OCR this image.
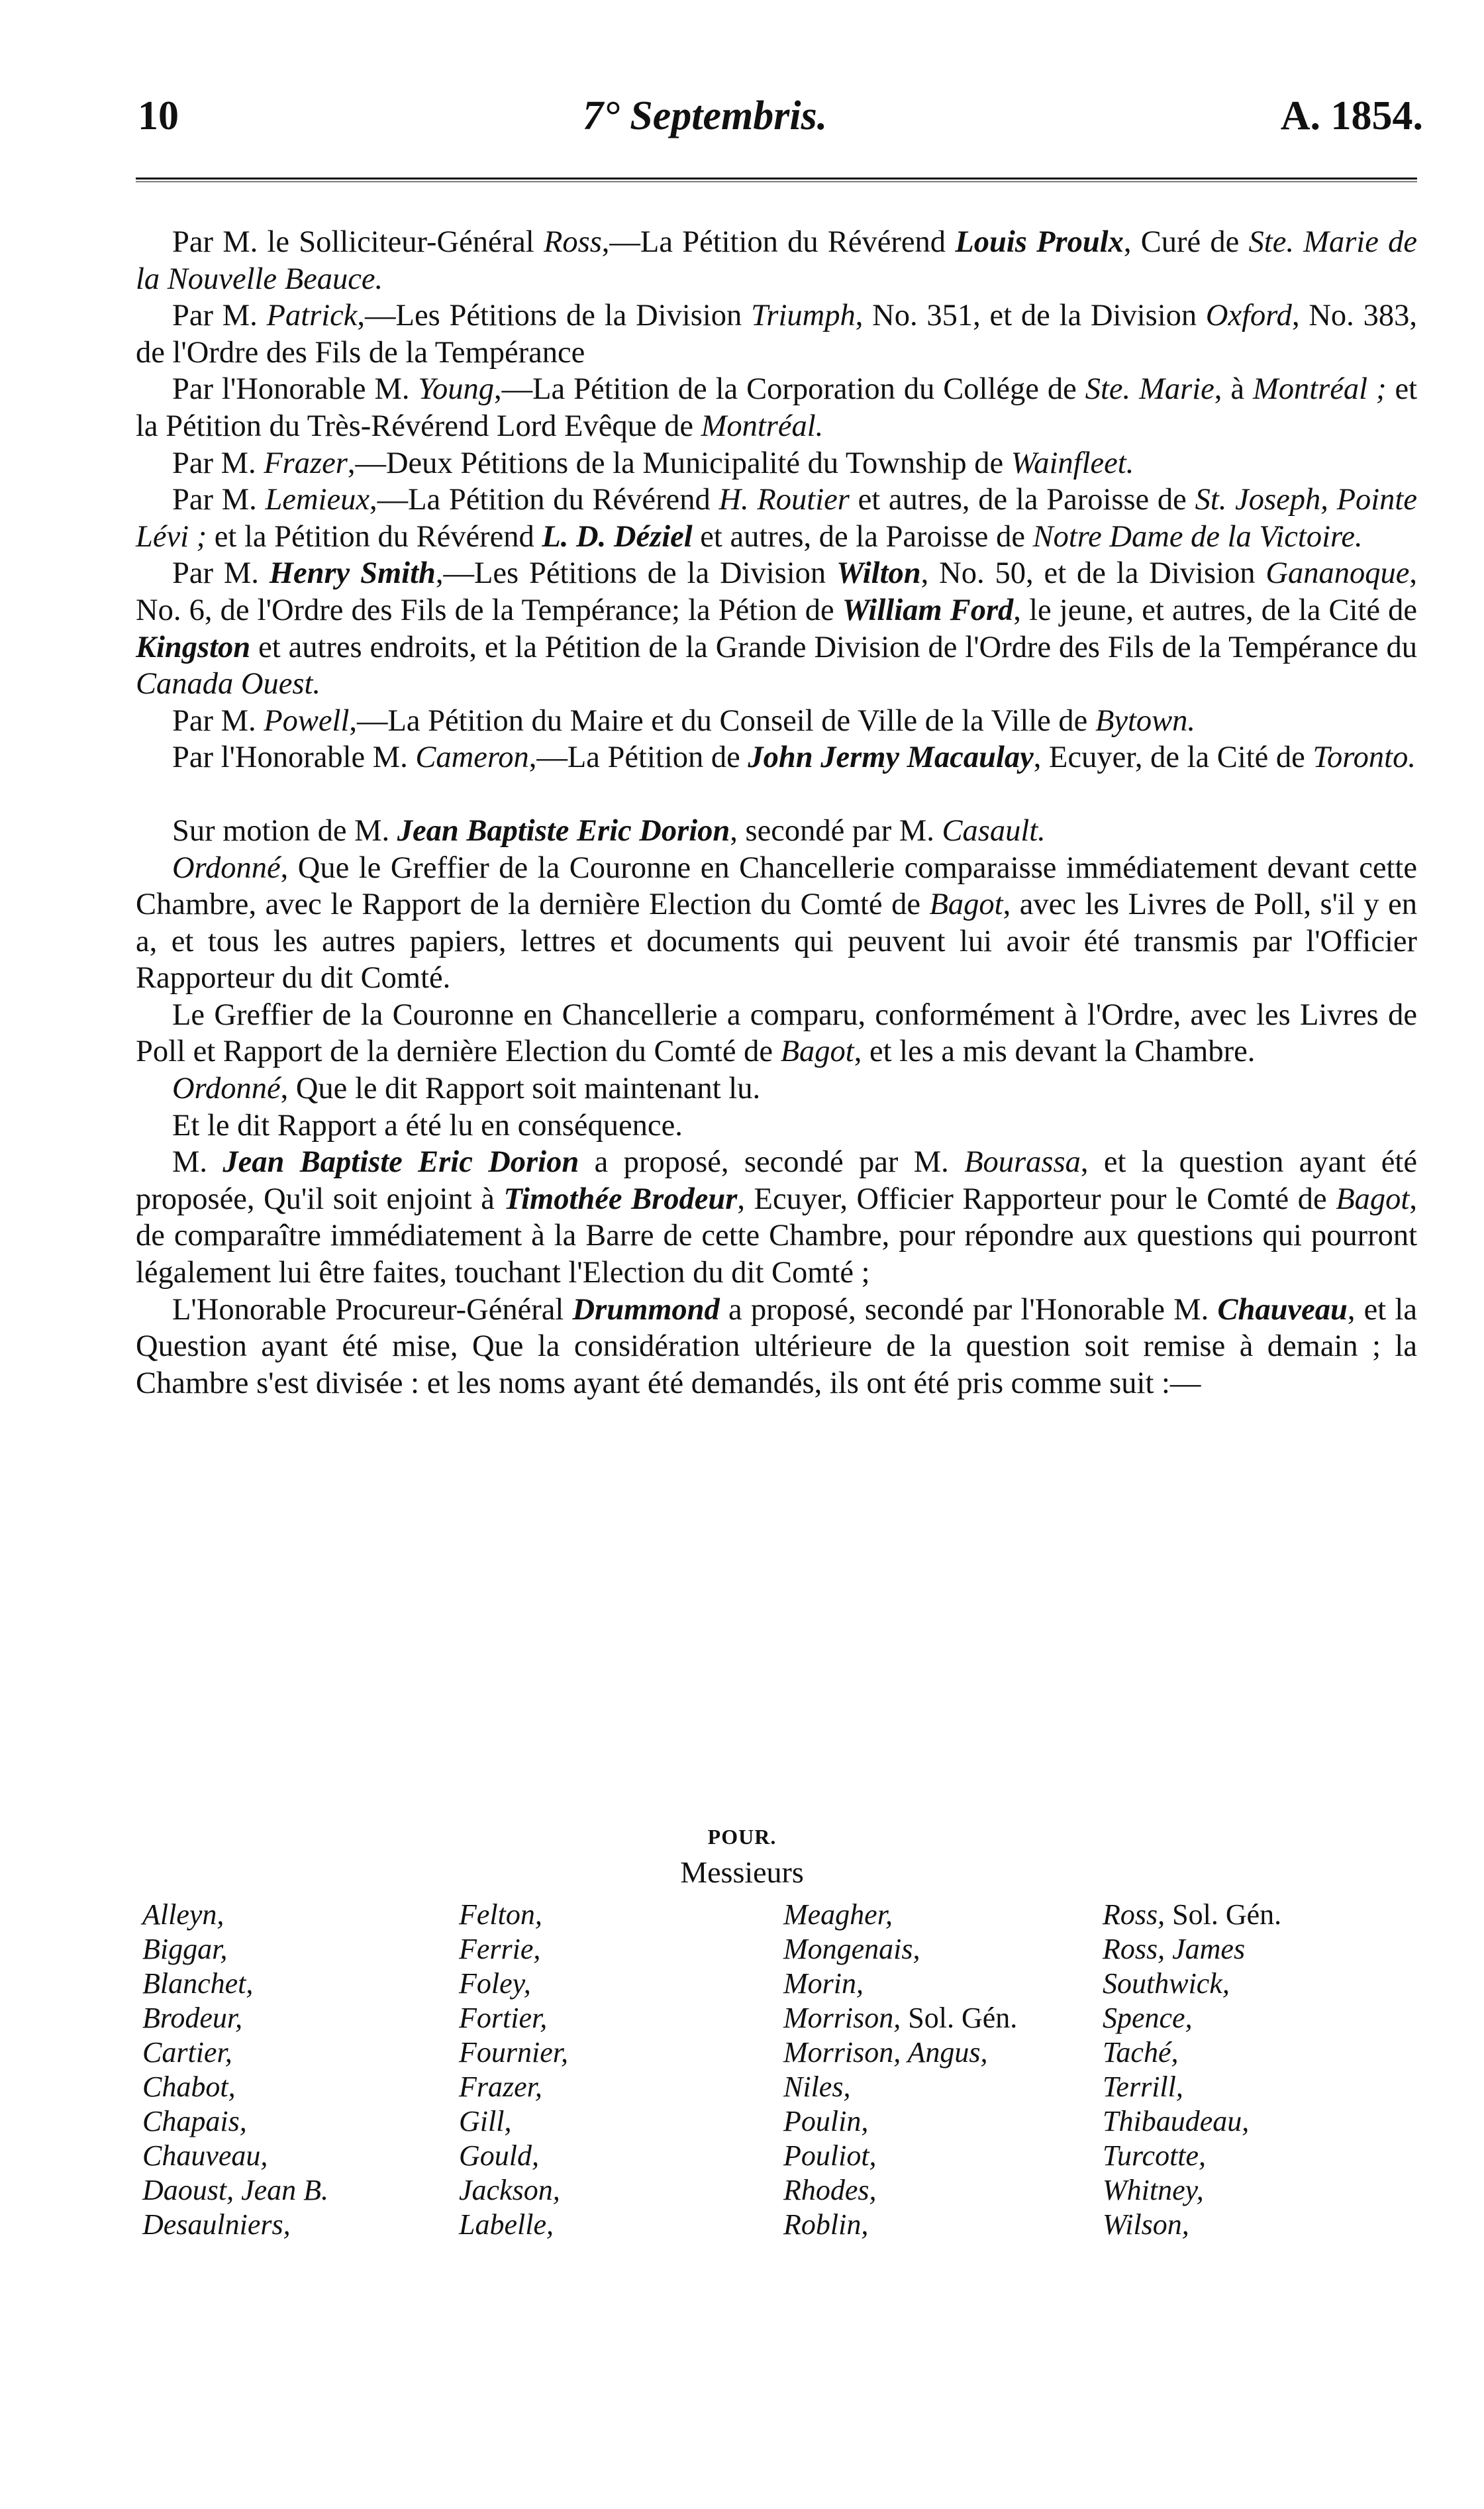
10	7° Septembris.	A. 1854.

Par M. le Solliciteur-Général Ross,—La Pétition du Révérend Louis Proulx, Curé de Ste. Marie de la Nouvelle Beauce.

Par M. Patrick,—Les Pétitions de la Division Triumph, No. 351, et de la Division Oxford, No. 383, de l'Ordre des Fils de la Tempérance

Par l'Honorable M. Young,—La Pétition de la Corporation du Collége de Ste. Marie, à Montréal ; et la Pétition du Très-Révérend Lord Evêque de Montréal.

Par M. Frazer,—Deux Pétitions de la Municipalité du Township de Wainfleet.

Par M. Lemieux,—La Pétition du Révérend H. Routier et autres, de la Paroisse de St. Joseph, Pointe Lévi ; et la Pétition du Révérend L. D. Déziel et autres, de la Paroisse de Notre Dame de la Victoire.

Par M. Henry Smith,—Les Pétitions de la Division Wilton, No. 50, et de la Division Gananoque, No. 6, de l'Ordre des Fils de la Tempérance; la Pétion de William Ford, le jeune, et autres, de la Cité de Kingston et autres endroits, et la Pétition de la Grande Division de l'Ordre des Fils de la Tempérance du Canada Ouest.

Par M. Powell,—La Pétition du Maire et du Conseil de Ville de la Ville de Bytown.

Par l'Honorable M. Cameron,—La Pétition de John Jermy Macaulay, Ecuyer, de la Cité de Toronto.

Sur motion de M. Jean Baptiste Eric Dorion, secondé par M. Casault.

Ordonné, Que le Greffier de la Couronne en Chancellerie comparaisse immédiatement devant cette Chambre, avec le Rapport de la dernière Election du Comté de Bagot, avec les Livres de Poll, s'il y en a, et tous les autres papiers, lettres et documents qui peuvent lui avoir été transmis par l'Officier Rapporteur du dit Comté.

Le Greffier de la Couronne en Chancellerie a comparu, conformément à l'Ordre, avec les Livres de Poll et Rapport de la dernière Election du Comté de Bagot, et les a mis devant la Chambre.

Ordonné, Que le dit Rapport soit maintenant lu.

Et le dit Rapport a été lu en conséquence.

M. Jean Baptiste Eric Dorion a proposé, secondé par M. Bourassa, et la question ayant été proposée, Qu'il soit enjoint à Timothée Brodeur, Ecuyer, Officier Rapporteur pour le Comté de Bagot, de comparaître immédiatement à la Barre de cette Chambre, pour répondre aux questions qui pourront légalement lui être faites, touchant l'Election du dit Comté ;

L'Honorable Procureur-Général Drummond a proposé, secondé par l'Honorable M. Chauveau, et la Question ayant été mise, Que la considération ultérieure de la question soit remise à demain ; la Chambre s'est divisée : et les noms ayant été demandés, ils ont été pris comme suit :—

POUR.
Messieurs
Alleyn,
Biggar,
Blanchet,
Brodeur,
Cartier,
Chabot,
Chapais,
Chauveau,
Daoust, Jean B.
Desaulniers,
Felton,
Ferrie,
Foley,
Fortier,
Fournier,
Frazer,
Gill,
Gould,
Jackson,
Labelle,
Meagher,
Mongenais,
Morin,
Morrison, Sol. Gén.
Morrison, Angus,
Niles,
Poulin,
Pouliot,
Rhodes,
Roblin,
Ross, Sol. Gén.
Ross, James
Southwick,
Spence,
Taché,
Terrill,
Thibaudeau,
Turcotte,
Whitney,
Wilson,
